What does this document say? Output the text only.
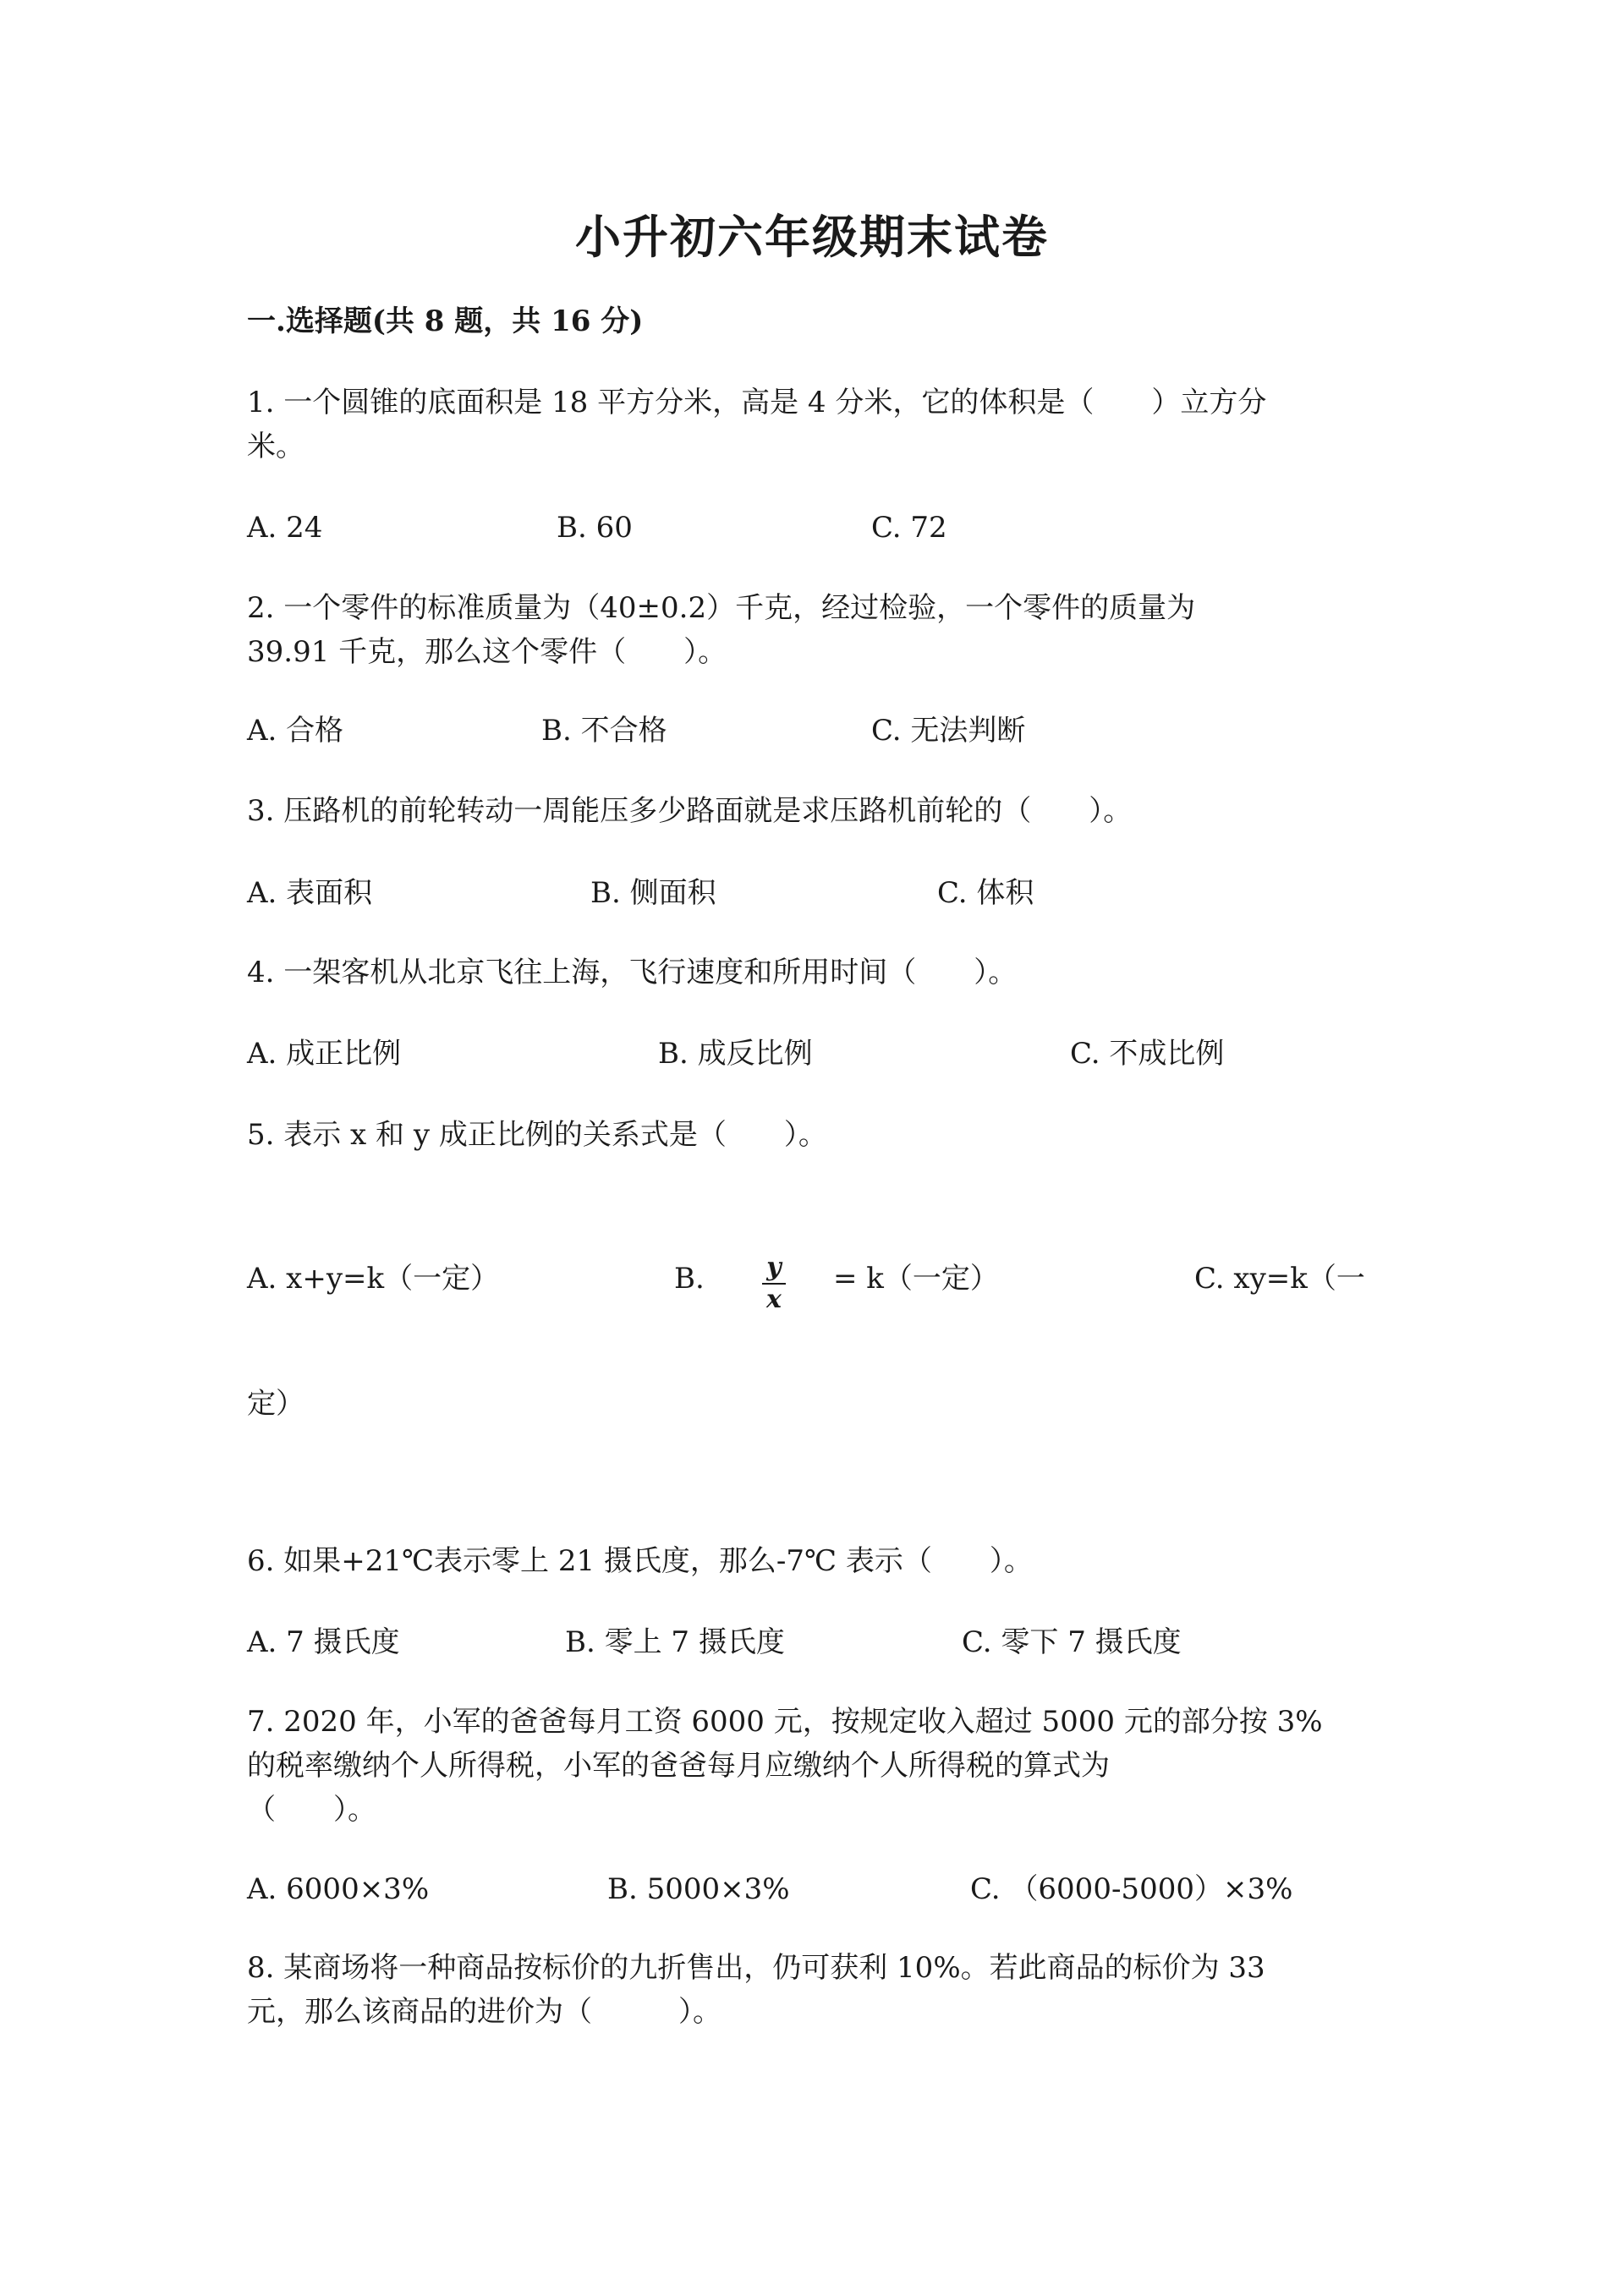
小升初六年级期末试卷
一.选择题(共 8 题，共 16 分)
1. 一个圆锥的底面积是 18 平方分米，高是 4 分米，它的体积是（　　）立方分
米。
A. 24	B. 60	C. 72
2. 一个零件的标准质量为（40±0.2）千克，经过检验，一个零件的质量为
39.91 千克，那么这个零件（　　）。
A. 合格	B. 不合格	C. 无法判断
3. 压路机的前轮转动一周能压多少路面就是求压路机前轮的（　　）。
A. 表面积	B. 侧面积	C. 体积
4. 一架客机从北京飞往上海，飞行速度和所用时间（　　）。
A. 成正比例	B. 成反比例	C. 不成比例
5. 表示 x 和 y 成正比例的关系式是（　　）。
A. x+y=k（一定）	B.	y
x
= k（一定）	C. xy=k（一
定）
6. 如果+21℃表示零上 21 摄氏度，那么-7℃ 表示（　　）。
A. 7 摄氏度	B. 零上 7 摄氏度	C. 零下 7 摄氏度
7. 2020 年，小军的爸爸每月工资 6000 元，按规定收入超过 5000 元的部分按 3%
的税率缴纳个人所得税，小军的爸爸每月应缴纳个人所得税的算式为
（　　）。
A. 6000×3%	B. 5000×3%	C. （6000-5000）×3%
8. 某商场将一种商品按标价的九折售出，仍可获利 10%。若此商品的标价为 33
元，那么该商品的进价为（　　　）。
